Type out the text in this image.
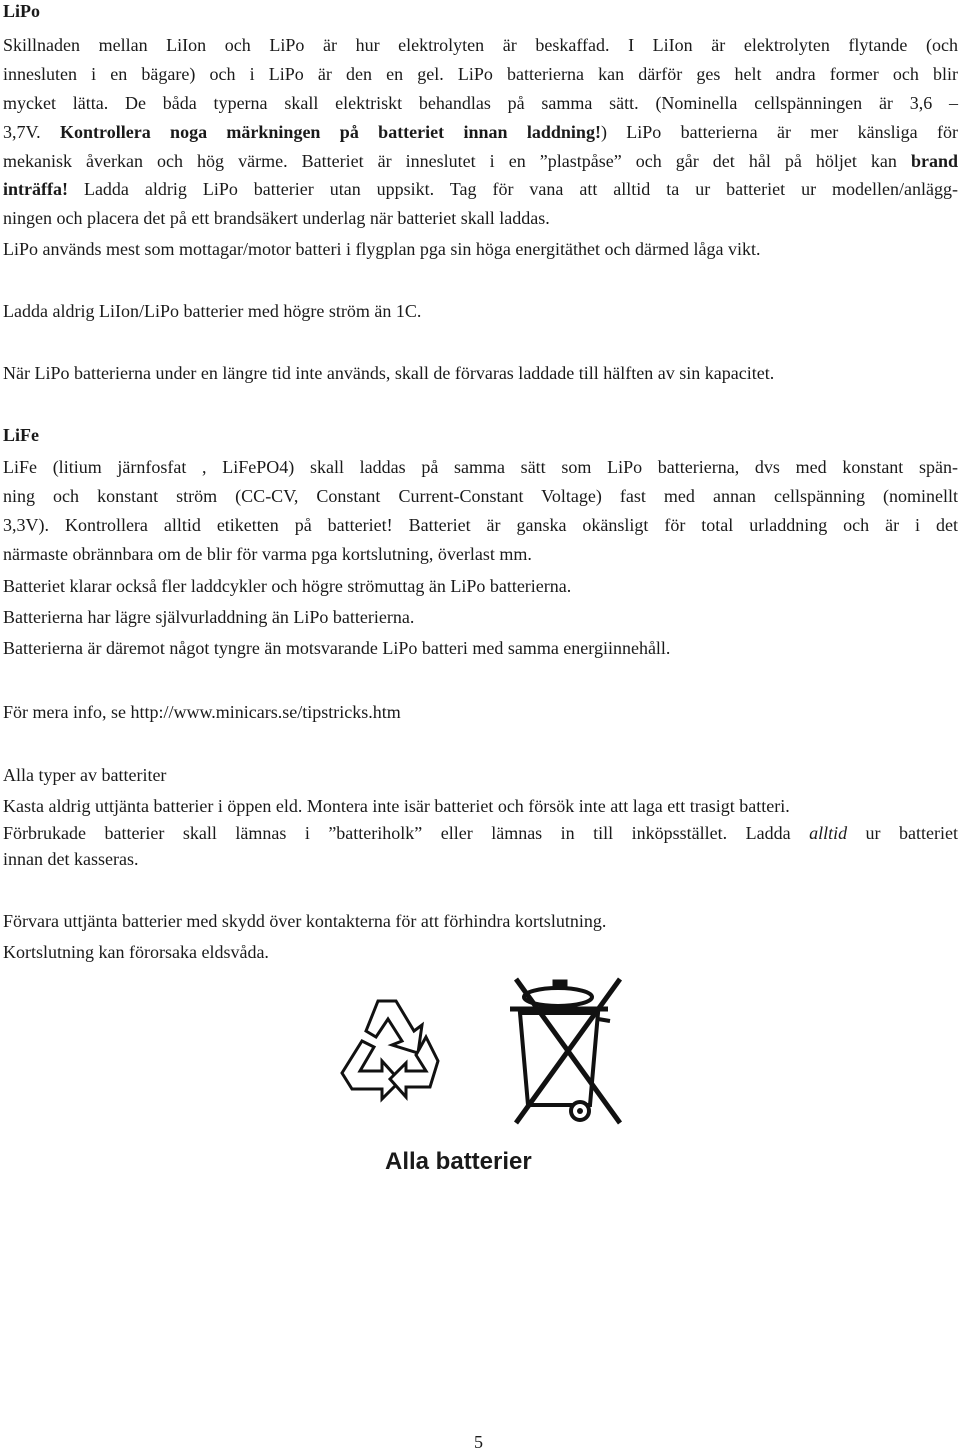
LiPo
Skillnaden mellan LiIon och LiPo är hur elektrolyten är beskaffad. I LiIon är elektrolyten flytande (och
innesluten i en bägare) och i LiPo är den en gel. LiPo batterierna kan därför ges helt andra former och blir
mycket lätta. De båda typerna skall elektriskt behandlas på samma sätt. (Nominella cellspänningen är 3,6 –
3,7V. Kontrollera noga märkningen på batteriet innan laddning!) LiPo batterierna är mer känsliga för
mekanisk åverkan och hög värme. Batteriet är inneslutet i en ”plastpåse” och går det hål på höljet kan brand
inträffa! Ladda aldrig LiPo batterier utan uppsikt. Tag för vana att alltid ta ur batteriet ur modellen/anlägg-
ningen och placera det på ett brandsäkert underlag när batteriet skall laddas.
LiPo används mest som mottagar/motor batteri i flygplan pga sin höga energitäthet och därmed låga vikt.
Ladda aldrig LiIon/LiPo batterier med högre ström än 1C.
När LiPo batterierna under en längre tid inte används, skall de förvaras laddade till hälften av sin kapacitet.
LiFe
LiFe (litium järnfosfat , LiFePO4) skall laddas på samma sätt som LiPo batterierna, dvs med konstant spän-
ning och konstant ström (CC-CV, Constant Current-Constant Voltage) fast med annan cellspänning (nominellt
3,3V). Kontrollera alltid etiketten på batteriet! Batteriet är ganska okänsligt för total urladdning och är i det
närmaste obrännbara om de blir för varma pga kortslutning, överlast mm.
Batteriet klarar också fler laddcykler och högre strömuttag än LiPo batterierna.
Batterierna har lägre självurladdning än LiPo batterierna.
Batterierna är däremot något tyngre än motsvarande LiPo batteri med samma energiinnehåll.
För mera info, se http://www.minicars.se/tipstricks.htm
Alla typer av batteriter
Kasta aldrig uttjänta batterier i öppen eld. Montera inte isär batteriet och försök inte att laga ett trasigt batteri.
Förbrukade batterier skall lämnas i ”batteriholk” eller lämnas in till inköpsstället. Ladda alltid ur batteriet
innan det kasseras.
Förvara uttjänta batterier med skydd över kontakterna för att förhindra kortslutning.
Kortslutning kan förorsaka eldsvåda.
Alla batterier
5
